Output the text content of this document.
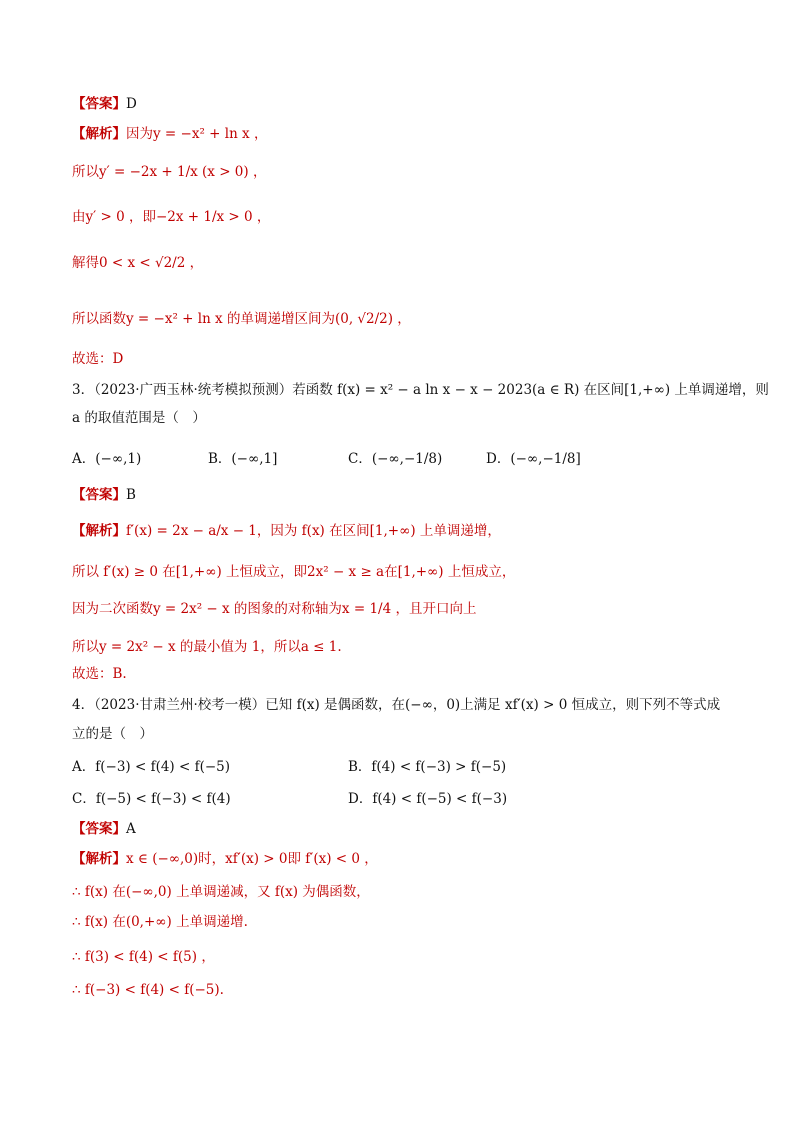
【答案】D
【解析】因为y = −x² + ln x ，
所以y′ = −2x + 1/x (x > 0) ，
由y′ > 0 ，即−2x + 1/x > 0 ，
解得0 < x < √2/2 ，
所以函数y = −x² + ln x 的单调递增区间为(0, √2/2) ，
故选：D
3．（2023·广西玉林·统考模拟预测）若函数 f(x) = x² − a ln x − x − 2023(a ∈ R) 在区间[1,+∞) 上单调递增，则
a 的取值范围是（　）
A．(−∞,1)	B．(−∞,1]	C．(−∞,−1/8)	D．(−∞,−1/8]
【答案】B
【解析】f′(x) = 2x − a/x − 1，因为 f(x) 在区间[1,+∞) 上单调递增，
所以 f′(x) ≥ 0 在[1,+∞) 上恒成立，即2x² − x ≥ a在[1,+∞) 上恒成立，
因为二次函数y = 2x² − x 的图象的对称轴为x = 1/4 ，且开口向上
所以y = 2x² − x 的最小值为 1，所以a ≤ 1.
故选：B.
4．（2023·甘肃兰州·校考一模）已知 f(x) 是偶函数，在(−∞，0)上满足 xf′(x) > 0 恒成立，则下列不等式成
立的是（　）
A．f(−3) < f(4) < f(−5)	B．f(4) < f(−3) > f(−5)
C．f(−5) < f(−3) < f(4)	D．f(4) < f(−5) < f(−3)
【答案】A
【解析】x ∈ (−∞,0)时，xf′(x) > 0即 f′(x) < 0 ，
∴ f(x) 在(−∞,0) 上单调递减，又 f(x) 为偶函数，
∴ f(x) 在(0,+∞) 上单调递增.
∴ f(3) < f(4) < f(5) ，
∴ f(−3) < f(4) < f(−5).
